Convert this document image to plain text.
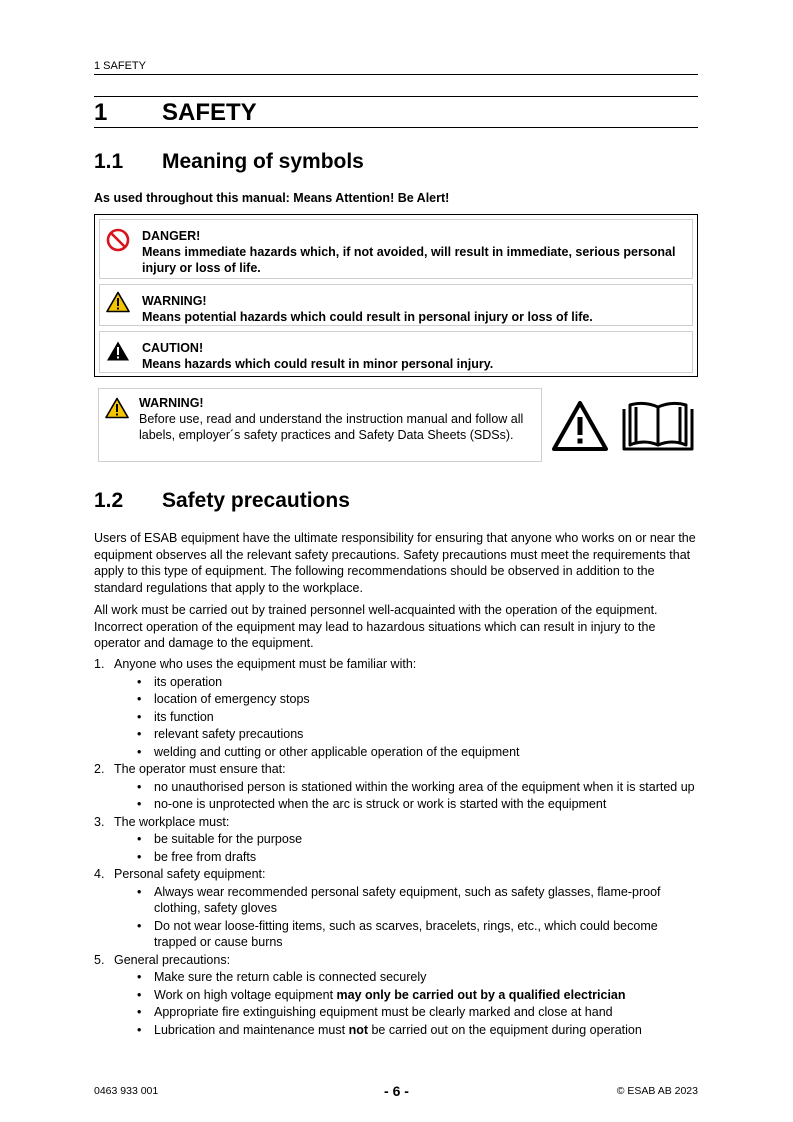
1 SAFETY
1 SAFETY
1.1 Meaning of symbols
As used throughout this manual: Means Attention! Be Alert!
DANGER!
Means immediate hazards which, if not avoided, will result in immediate, serious personal injury or loss of life.
WARNING!
Means potential hazards which could result in personal injury or loss of life.
CAUTION!
Means hazards which could result in minor personal injury.
WARNING!
Before use, read and understand the instruction manual and follow all labels, employer´s safety practices and Safety Data Sheets (SDSs).
1.2 Safety precautions
Users of ESAB equipment have the ultimate responsibility for ensuring that anyone who works on or near the equipment observes all the relevant safety precautions. Safety precautions must meet the requirements that apply to this type of equipment. The following recommendations should be observed in addition to the standard regulations that apply to the workplace.
All work must be carried out by trained personnel well-acquainted with the operation of the equipment. Incorrect operation of the equipment may lead to hazardous situations which can result in injury to the operator and damage to the equipment.
1. Anyone who uses the equipment must be familiar with:
• its operation
• location of emergency stops
• its function
• relevant safety precautions
• welding and cutting or other applicable operation of the equipment
2. The operator must ensure that:
• no unauthorised person is stationed within the working area of the equipment when it is started up
• no-one is unprotected when the arc is struck or work is started with the equipment
3. The workplace must:
• be suitable for the purpose
• be free from drafts
4. Personal safety equipment:
• Always wear recommended personal safety equipment, such as safety glasses, flame-proof clothing, safety gloves
• Do not wear loose-fitting items, such as scarves, bracelets, rings, etc., which could become trapped or cause burns
5. General precautions:
• Make sure the return cable is connected securely
• Work on high voltage equipment may only be carried out by a qualified electrician
• Appropriate fire extinguishing equipment must be clearly marked and close at hand
• Lubrication and maintenance must not be carried out on the equipment during operation
0463 933 001	- 6 -	© ESAB AB 2023
